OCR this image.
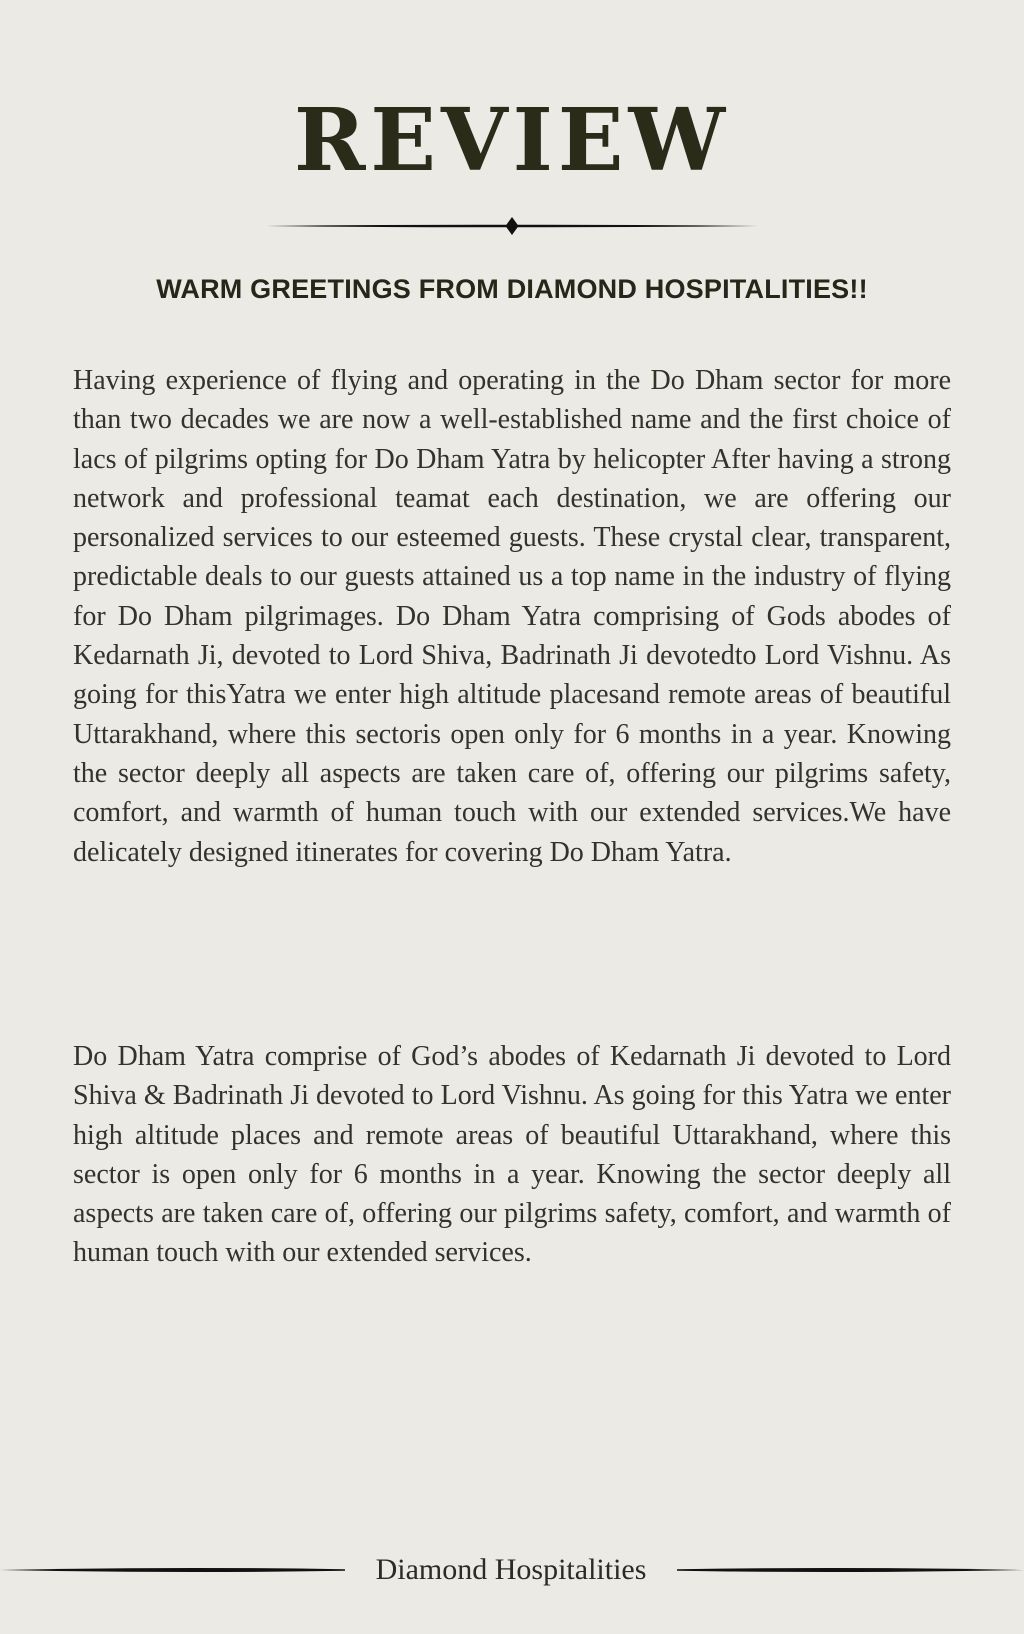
REVIEW
WARM GREETINGS FROM DIAMOND HOSPITALITIES!!

Having experience of flying and operating in the Do Dham sector for more than two decades we are now a well-established name and the first choice of lacs of pilgrims opting for Do Dham Yatra by helicopter After having a strong network and professional teamat each destination, we are offering our personalized services to our esteemed guests. These crystal clear, transparent, predictable deals to our guests attained us a top name in the industry of flying for Do Dham pilgrimages. Do Dham Yatra comprising of Gods abodes of Kedarnath Ji, devoted to Lord Shiva, Badrinath Ji devotedto Lord Vishnu. As going for thisYatra we enter high altitude placesand remote areas of beautiful Uttarakhand, where this sectoris open only for 6 months in a year. Knowing the sector deeply all aspects are taken care of, offering our pilgrims safety, comfort, and warmth of human touch with our extended services.We have delicately designed itinerates for covering Do Dham Yatra.

Do Dham Yatra comprise of God’s abodes of Kedarnath Ji devoted to Lord Shiva & Badrinath Ji devoted to Lord Vishnu. As going for this Yatra we enter high altitude places and remote areas of beautiful Uttarakhand, where this sector is open only for 6 months in a year. Knowing the sector deeply all aspects are taken care of, offering our pilgrims safety, comfort, and warmth of human touch with our extended services.

Diamond Hospitalities
